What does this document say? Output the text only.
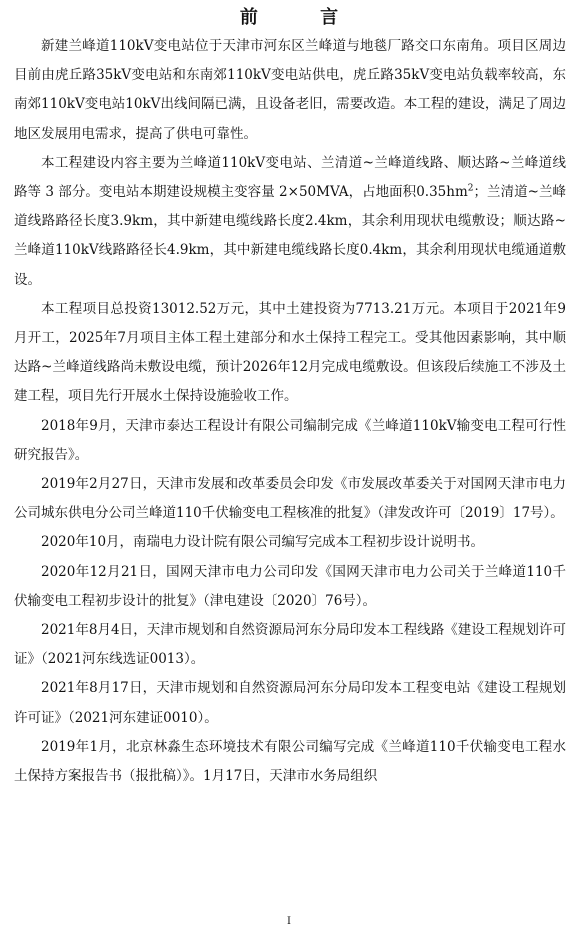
前 言

新建兰峰道110kV变电站位于天津市河东区兰峰道与地毯厂路交口东南角。项目区周边目前由虎丘路35kV变电站和东南郊110kV变电站供电，虎丘路35kV变电站负载率较高，东南郊110kV变电站10kV出线间隔已满，且设备老旧，需要改造。本工程的建设，满足了周边地区发展用电需求，提高了供电可靠性。

本工程建设内容主要为兰峰道110kV变电站、兰清道~兰峰道线路、顺达路~兰峰道线路等 3 部分。变电站本期建设规模主变容量 2×50MVA，占地面积$0.35hm^2$；兰清道~兰峰道线路路径长度3.9km，其中新建电缆线路长度2.4km，其余利用现状电缆敷设；顺达路~兰峰道110kV线路路径长4.9km，其中新建电缆线路长度0.4km，其余利用现状电缆通道敷设。

本工程项目总投资13012.52万元，其中土建投资为7713.21万元。本项目于2021年9月开工，2025年7月项目主体工程土建部分和水土保持工程完工。受其他因素影响，其中顺达路~兰峰道线路尚未敷设电缆，预计2026年12月完成电缆敷设。但该段后续施工不涉及土建工程，项目先行开展水土保持设施验收工作。

2018年9月，天津市泰达工程设计有限公司编制完成《兰峰道110kV输变电工程可行性研究报告》。

2019年2月27日，天津市发展和改革委员会印发《市发展改革委关于对国网天津市电力公司城东供电分公司兰峰道110千伏输变电工程核准的批复》（津发改许可〔2019〕17号）。

2020年10月，南瑞电力设计院有限公司编写完成本工程初步设计说明书。

2020年12月21日，国网天津市电力公司印发《国网天津市电力公司关于兰峰道110千伏输变电工程初步设计的批复》（津电建设〔2020〕76号）。

2021年8月4日，天津市规划和自然资源局河东分局印发本工程线路《建设工程规划许可证》（2021河东线选证0013）。

2021年8月17日，天津市规划和自然资源局河东分局印发本工程变电站《建设工程规划许可证》（2021河东建证0010）。

2019年1月，北京林淼生态环境技术有限公司编写完成《兰峰道110千伏输变电工程水土保持方案报告书（报批稿）》。1月17日，天津市水务局组织

I
